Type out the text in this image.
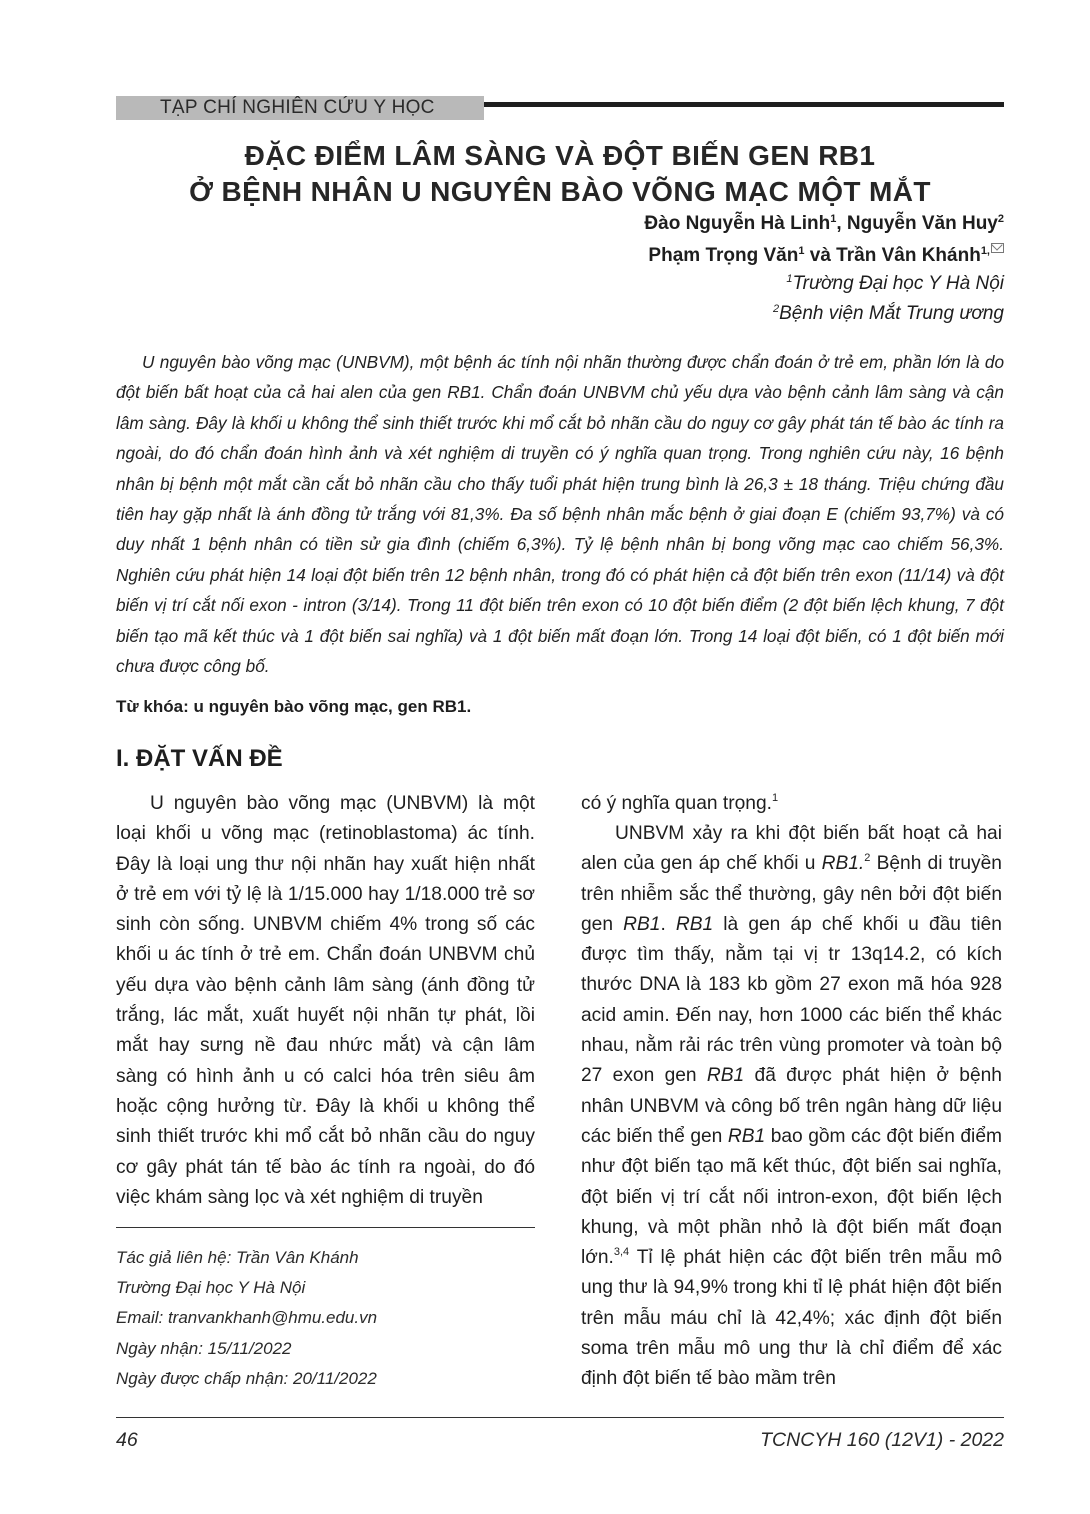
TẠP CHÍ NGHIÊN CỨU Y HỌC
ĐẶC ĐIỂM LÂM SÀNG VÀ ĐỘT BIẾN GEN RB1
Ở BỆNH NHÂN U NGUYÊN BÀO VÕNG MẠC MỘT MẮT
Đào Nguyễn Hà Linh$^1$, Nguyễn Văn Huy$^2$
Phạm Trọng Văn$^1$ và Trần Vân Khánh$^{1,}$
$^1$Trường Đại học Y Hà Nội
$^2$Bệnh viện Mắt Trung ương

U nguyên bào võng mạc (UNBVM), một bệnh ác tính nội nhãn thường được chẩn đoán ở trẻ em, phần lớn là do đột biến bất hoạt của cả hai alen của gen RB1. Chẩn đoán UNBVM chủ yếu dựa vào bệnh cảnh lâm sàng và cận lâm sàng. Đây là khối u không thể sinh thiết trước khi mổ cắt bỏ nhãn cầu do nguy cơ gây phát tán tế bào ác tính ra ngoài, do đó chẩn đoán hình ảnh và xét nghiệm di truyền có ý nghĩa quan trọng. Trong nghiên cứu này, 16 bệnh nhân bị bệnh một mắt cần cắt bỏ nhãn cầu cho thấy tuổi phát hiện trung bình là 26,3 ± 18 tháng. Triệu chứng đầu tiên hay gặp nhất là ánh đồng tử trắng với 81,3%. Đa số bệnh nhân mắc bệnh ở giai đoạn E (chiếm 93,7%) và có duy nhất 1 bệnh nhân có tiền sử gia đình (chiếm 6,3%). Tỷ lệ bệnh nhân bị bong võng mạc cao chiếm 56,3%. Nghiên cứu phát hiện 14 loại đột biến trên 12 bệnh nhân, trong đó có phát hiện cả đột biến trên exon (11/14) và đột biến vị trí cắt nối exon - intron (3/14). Trong 11 đột biến trên exon có 10 đột biến điểm (2 đột biến lệch khung, 7 đột biến tạo mã kết thúc và 1 đột biến sai nghĩa) và 1 đột biến mất đoạn lớn. Trong 14 loại đột biến, có 1 đột biến mới chưa được công bố.

Từ khóa: u nguyên bào võng mạc, gen RB1.
I. ĐẶT VẤN ĐỀ

U nguyên bào võng mạc (UNBVM) là một loại khối u võng mạc (retinoblastoma) ác tính. Đây là loại ung thư nội nhãn hay xuất hiện nhất ở trẻ em với tỷ lệ là 1/15.000 hay 1/18.000 trẻ sơ sinh còn sống. UNBVM chiếm 4% trong số các khối u ác tính ở trẻ em. Chẩn đoán UNBVM chủ yếu dựa vào bệnh cảnh lâm sàng (ánh đồng tử trắng, lác mắt, xuất huyết nội nhãn tự phát, lồi mắt hay sưng nề đau nhức mắt) và cận lâm sàng có hình ảnh u có calci hóa trên siêu âm hoặc cộng hưởng từ. Đây là khối u không thể sinh thiết trước khi mổ cắt bỏ nhãn cầu do nguy cơ gây phát tán tế bào ác tính ra ngoài, do đó việc khám sàng lọc và xét nghiệm di truyền

có ý nghĩa quan trọng.$^1$

UNBVM xảy ra khi đột biến bất hoạt cả hai alen của gen áp chế khối u RB1.$^2$ Bệnh di truyền trên nhiễm sắc thể thường, gây nên bởi đột biến gen RB1. RB1 là gen áp chế khối u đầu tiên được tìm thấy, nằm tại vị tr 13q14.2, có kích thước DNA là 183 kb gồm 27 exon mã hóa 928 acid amin. Đến nay, hơn 1000 các biến thể khác nhau, nằm rải rác trên vùng promoter và toàn bộ 27 exon gen RB1 đã được phát hiện ở bệnh nhân UNBVM và công bố trên ngân hàng dữ liệu các biến thể gen RB1 bao gồm các đột biến điểm như đột biến tạo mã kết thúc, đột biến sai nghĩa, đột biến vị trí cắt nối intron-exon, đột biến lệch khung, và một phần nhỏ là đột biến mất đoạn lớn.$^{3,4}$ Tỉ lệ phát hiện các đột biến trên mẫu mô ung thư là 94,9% trong khi tỉ lệ phát hiện đột biến trên mẫu máu chỉ là 42,4%; xác định đột biến soma trên mẫu mô ung thư là chỉ điểm để xác định đột biến tế bào mầm trên

Tác giả liên hệ: Trần Vân Khánh
Trường Đại học Y Hà Nội
Email: tranvankhanh@hmu.edu.vn
Ngày nhận: 15/11/2022
Ngày được chấp nhận: 20/11/2022
46	TCNCYH 160 (12V1) - 2022
